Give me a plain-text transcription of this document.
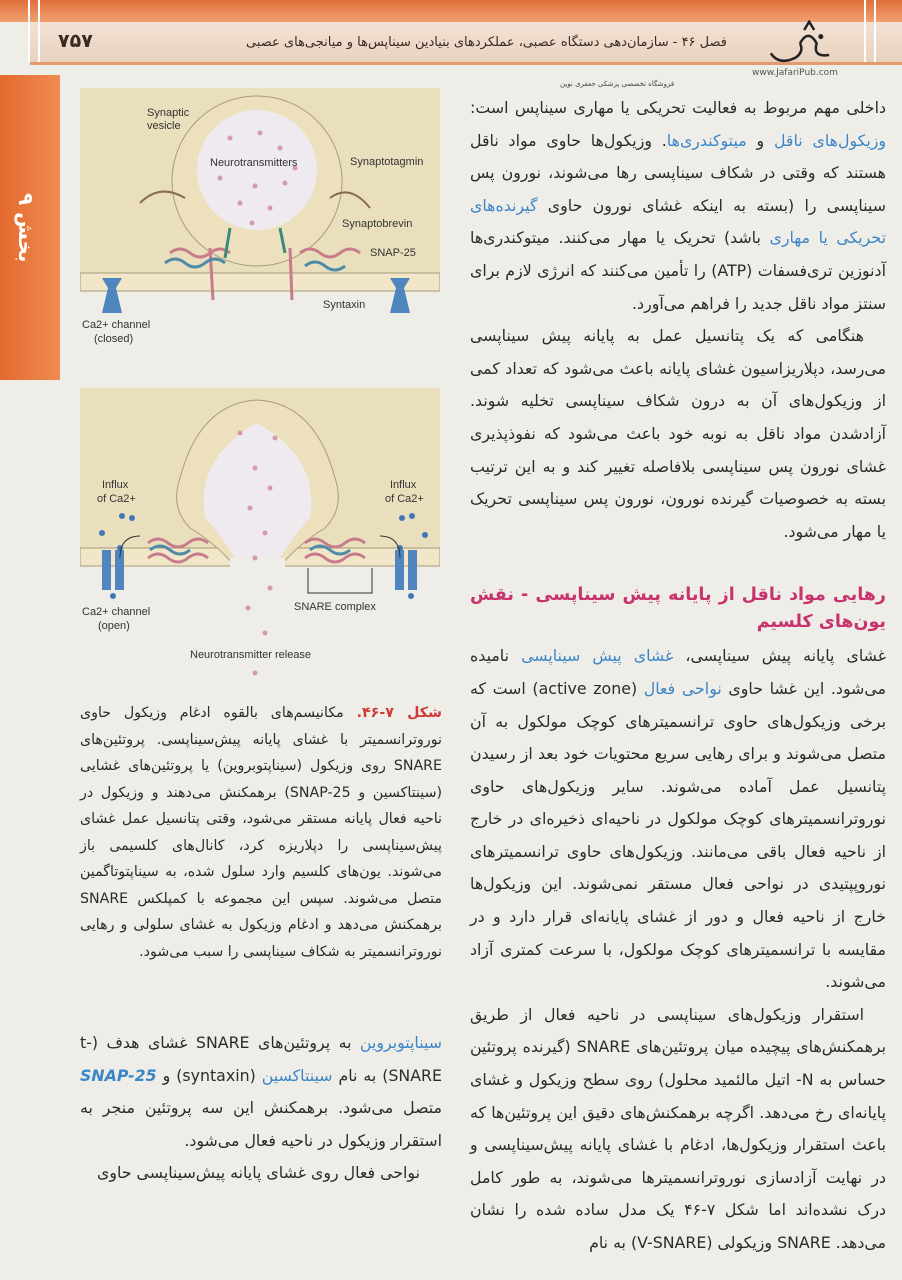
۷۵۷	فصل ۴۶ - سازمان‌دهی دستگاه عصبی، عملکردهای بنیادین سیناپس‌ها و میانجی‌های عصبی
www.JafariPub.com
فروشگاه تخصصی پزشکی جعفری نوین
بخش ۹
Synaptic
vesicle
Neurotransmitters	Synaptotagmin
Synaptobrevin
SNAP-25
Syntaxin
Ca2+ channel
(closed)
Influx
of Ca2+
Influx
of Ca2+
Ca2+ channel
(open)
SNARE complex
Neurotransmitter release

شکل ۷-۴۶. مکانیسم‌های بالقوه ادغام وزیکول حاوی نوروترانسمیتر با غشای پایانه پیش‌سیناپسی. پروتئین‌های SNARE روی وزیکول (سیناپتوبروین) یا پروتئین‌های غشایی (سینتاکسین و SNAP-25) برهمکنش می‌دهند و وزیکول در ناحیه فعال پایانه مستقر می‌شود، وقتی پتانسیل عمل غشای پیش‌سیناپسی را دپلاریزه کرد، کانال‌های کلسیمی باز می‌شوند. یون‌های کلسیم وارد سلول شده، به سیناپتوتاگمین متصل می‌شوند. سپس این مجموعه با کمپلکس SNARE برهمکنش می‌دهد و ادغام وزیکول به غشای سلولی و رهایی نوروترانسمیتر به شکاف سیناپسی را سبب می‌شود.

سیناپتوبروین به پروتئین‌های SNARE غشای هدف (t-SNARE) به نام سینتاکسین (syntaxin) و SNAP-25 متصل می‌شود. برهمکنش این سه پروتئین منجر به استقرار وزیکول در ناحیه فعال می‌شود.

نواحی فعال روی غشای پایانه پیش‌سیناپسی حاوی

داخلی مهم مربوط به فعالیت تحریکی یا مهاری سیناپس است: وزیکول‌های ناقل و میتوکندری‌ها. وزیکول‌ها حاوی مواد ناقل هستند که وقتی در شکاف سیناپسی رها می‌شوند، نورون پس سیناپسی را (بسته به اینکه غشای نورون حاوی گیرنده‌های تحریکی یا مهاری باشد) تحریک یا مهار می‌کنند. میتوکندری‌ها آدنوزین تری‌فسفات (ATP) را تأمین می‌کنند که انرژی لازم برای سنتز مواد ناقل جدید را فراهم می‌آورد.

هنگامی که یک پتانسیل عمل به پایانه پیش سیناپسی می‌رسد، دپلاریزاسیون غشای پایانه باعث می‌شود که تعداد کمی از وزیکول‌های آن به درون شکاف سیناپسی تخلیه شوند. آزادشدن مواد ناقل به نوبه خود باعث می‌شود که نفوذپذیری غشای نورون پس سیناپسی بلافاصله تغییر کند و به این ترتیب بسته به خصوصیات گیرنده نورون، نورون پس سیناپسی تحریک یا مهار می‌شود.

رهایی مواد ناقل از پایانه پیش سیناپسی - نقش یون‌های کلسیم

غشای پایانه پیش سیناپسی، غشای پیش سیناپسی نامیده می‌شود. این غشا حاوی نواحی فعال (active zone) است که برخی وزیکول‌های حاوی ترانسمیترهای کوچک مولکول به آن متصل می‌شوند و برای رهایی سریع محتویات خود بعد از رسیدن پتانسیل عمل آماده می‌شوند. سایر وزیکول‌های حاوی نوروترانسمیترهای کوچک مولکول در ناحیه‌ای ذخیره‌ای در خارج از ناحیه فعال باقی می‌مانند. وزیکول‌های حاوی ترانسمیترهای نوروپپتیدی در نواحی فعال مستقر نمی‌شوند. این وزیکول‌ها خارج از ناحیه فعال و دور از غشای پایانه‌ای قرار دارد و در مقایسه با ترانسمیترهای کوچک مولکول، با سرعت کمتری آزاد می‌شوند.

استقرار وزیکول‌های سیناپسی در ناحیه فعال از طریق برهمکنش‌های پیچیده میان پروتئین‌های SNARE (گیرنده پروتئین حساس به N- اتیل مالئمید محلول) روی سطح وزیکول و غشای پایانه‌ای رخ می‌دهد. اگرچه برهمکنش‌های دقیق این پروتئین‌ها که باعث استقرار وزیکول‌ها، ادغام با غشای پایانه پیش‌سیناپسی و در نهایت آزادسازی نوروترانسمیترها می‌شوند، به طور کامل درک نشده‌اند اما شکل ۷-۴۶ یک مدل ساده شده را نشان می‌دهد. SNARE وزیکولی (V-SNARE) به نام
